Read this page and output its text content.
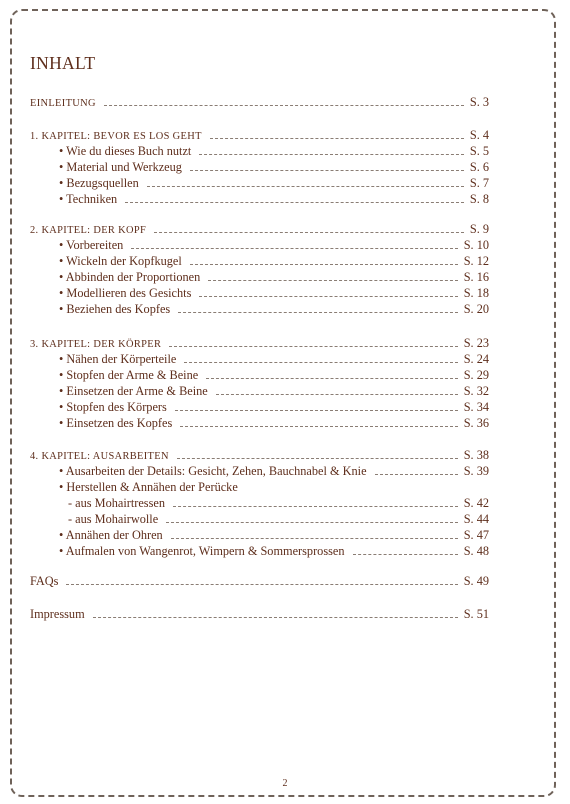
INHALT
EINLEITUNG	S. 3
1. KAPITEL: BEVOR ES LOS GEHT	S. 4
• Wie du dieses Buch nutzt	S. 5
• Material und Werkzeug	S. 6
• Bezugsquellen	S. 7
• Techniken	S. 8
2. KAPITEL: DER KOPF	S. 9
• Vorbereiten	S. 10
• Wickeln der Kopfkugel	S. 12
• Abbinden der Proportionen	S. 16
• Modellieren des Gesichts	S. 18
• Beziehen des Kopfes	S. 20
3. KAPITEL: DER KÖRPER	S. 23
• Nähen der Körperteile	S. 24
• Stopfen der Arme & Beine	S. 29
• Einsetzen der Arme & Beine	S. 32
• Stopfen des Körpers	S. 34
• Einsetzen des Kopfes	S. 36
4. KAPITEL: AUSARBEITEN	S. 38
• Ausarbeiten der Details: Gesicht, Zehen, Bauchnabel & Knie	S. 39
• Herstellen & Annähen der Perücke
- aus Mohairtressen	S. 42
- aus Mohairwolle	S. 44
• Annähen der Ohren	S. 47
• Aufmalen von Wangenrot, Wimpern & Sommersprossen	S. 48
FAQs	S. 49
Impressum	S. 51
2
